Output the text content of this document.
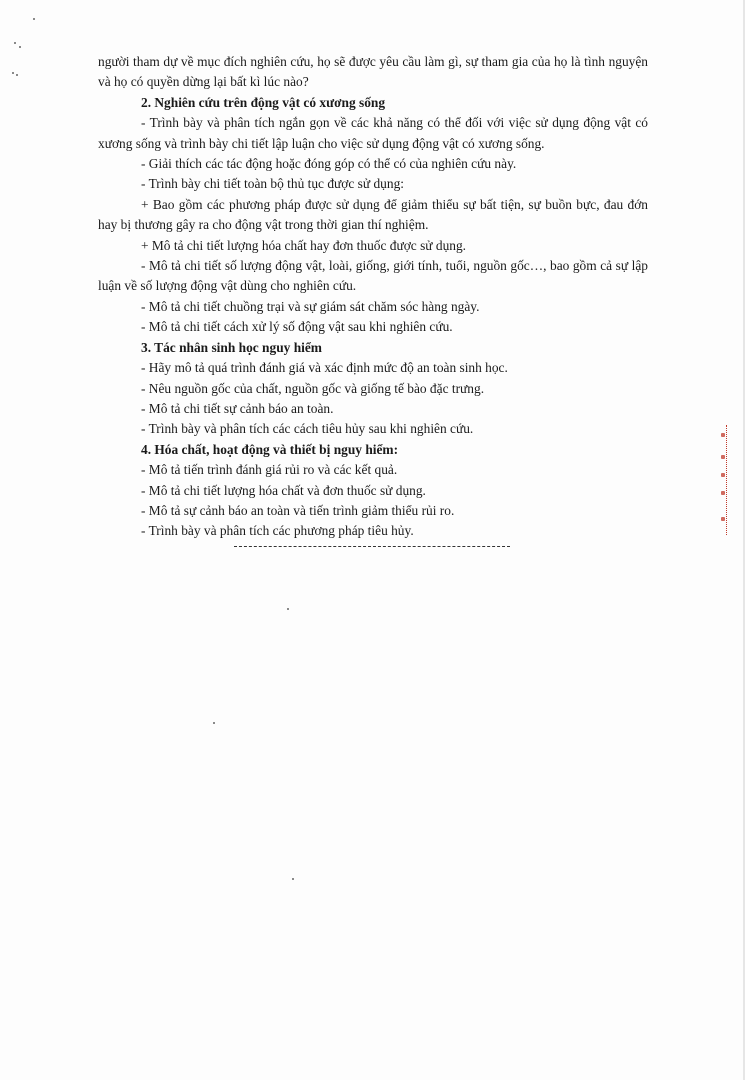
người tham dự về mục đích nghiên cứu, họ sẽ được yêu cầu làm gì, sự tham gia của họ là tình nguyện và họ có quyền dừng lại bất kì lúc nào?

2. Nghiên cứu trên động vật có xương sống

- Trình bày và phân tích ngắn gọn về các khả năng có thể đối với việc sử dụng động vật có xương sống và trình bày chi tiết lập luận cho việc sử dụng động vật có xương sống.

- Giải thích các tác động hoặc đóng góp có thể có của nghiên cứu này.

- Trình bày chi tiết toàn bộ thủ tục được sử dụng:

+ Bao gồm các phương pháp được sử dụng để giảm thiểu sự bất tiện, sự buồn bực, đau đớn hay bị thương gây ra cho động vật trong thời gian thí nghiệm.

+ Mô tả chi tiết lượng hóa chất hay đơn thuốc được sử dụng.

- Mô tả chi tiết số lượng động vật, loài, giống, giới tính, tuổi, nguồn gốc…, bao gồm cả sự lập luận về số lượng động vật dùng cho nghiên cứu.

- Mô tả chi tiết chuồng trại và sự giám sát chăm sóc hàng ngày.

- Mô tả chi tiết cách xử lý số động vật sau khi nghiên cứu.

3. Tác nhân sinh học nguy hiểm

- Hãy mô tả quá trình đánh giá và xác định mức độ an toàn sinh học.

- Nêu nguồn gốc của chất, nguồn gốc và giống tế bào đặc trưng.

- Mô tả chi tiết sự cảnh báo an toàn.

- Trình bày và phân tích các cách tiêu hủy sau khi nghiên cứu.

4. Hóa chất, hoạt động và thiết bị nguy hiểm:

- Mô tả tiến trình đánh giá rủi ro và các kết quả.

- Mô tả chi tiết lượng hóa chất và đơn thuốc sử dụng.

- Mô tả sự cảnh báo an toàn và tiến trình giảm thiểu rủi ro.

- Trình bày và phân tích các phương pháp tiêu hủy.
